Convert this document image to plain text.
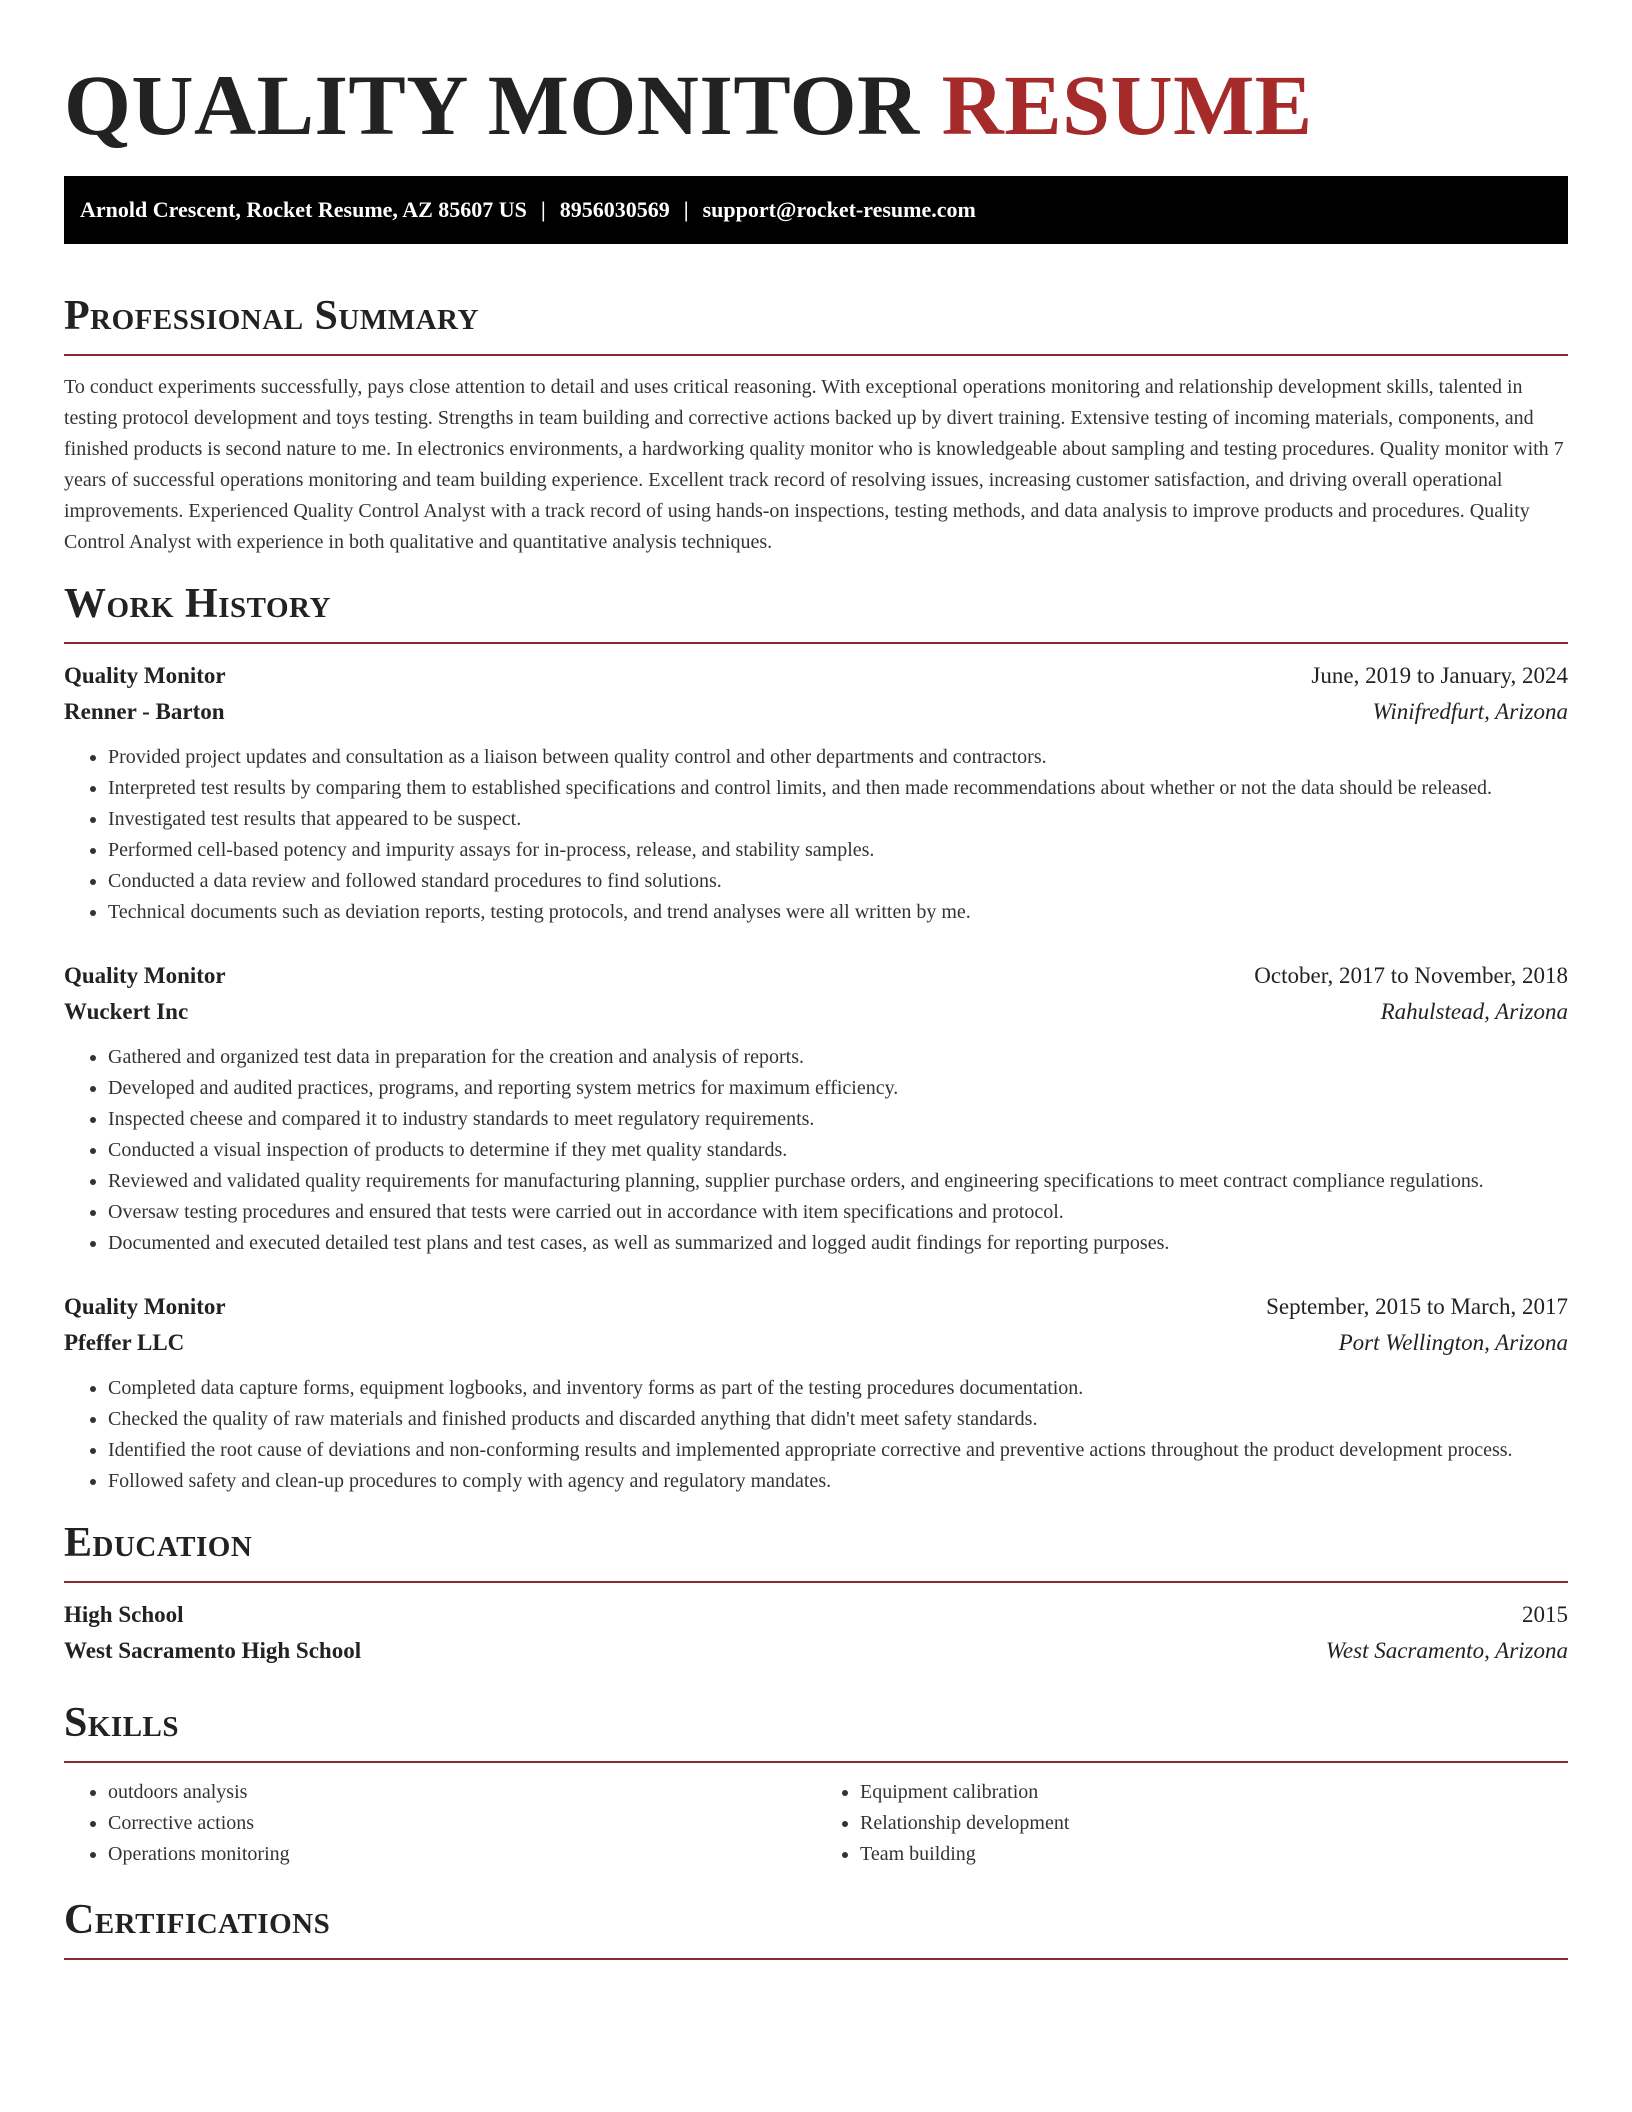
QUALITY MONITOR RESUME
Arnold Crescent, Rocket Resume, AZ 85607 US | 8956030569 | support@rocket-resume.com
Professional Summary

To conduct experiments successfully, pays close attention to detail and uses critical reasoning. With exceptional operations monitoring and relationship development skills, talented in testing protocol development and toys testing. Strengths in team building and corrective actions backed up by divert training. Extensive testing of incoming materials, components, and finished products is second nature to me. In electronics environments, a hardworking quality monitor who is knowledgeable about sampling and testing procedures. Quality monitor with 7 years of successful operations monitoring and team building experience. Excellent track record of resolving issues, increasing customer satisfaction, and driving overall operational improvements. Experienced Quality Control Analyst with a track record of using hands-on inspections, testing methods, and data analysis to improve products and procedures. Quality Control Analyst with experience in both qualitative and quantitative analysis techniques.

Work History
Quality Monitor	June, 2019 to January, 2024
Renner - Barton	Winifredfurt, Arizona
• Provided project updates and consultation as a liaison between quality control and other departments and contractors.
• Interpreted test results by comparing them to established specifications and control limits, and then made recommendations about whether or not the data should be released.
• Investigated test results that appeared to be suspect.
• Performed cell-based potency and impurity assays for in-process, release, and stability samples.
• Conducted a data review and followed standard procedures to find solutions.
• Technical documents such as deviation reports, testing protocols, and trend analyses were all written by me.
Quality Monitor	October, 2017 to November, 2018
Wuckert Inc	Rahulstead, Arizona
• Gathered and organized test data in preparation for the creation and analysis of reports.
• Developed and audited practices, programs, and reporting system metrics for maximum efficiency.
• Inspected cheese and compared it to industry standards to meet regulatory requirements.
• Conducted a visual inspection of products to determine if they met quality standards.
• Reviewed and validated quality requirements for manufacturing planning, supplier purchase orders, and engineering specifications to meet contract compliance regulations.
• Oversaw testing procedures and ensured that tests were carried out in accordance with item specifications and protocol.
• Documented and executed detailed test plans and test cases, as well as summarized and logged audit findings for reporting purposes.
Quality Monitor	September, 2015 to March, 2017
Pfeffer LLC	Port Wellington, Arizona
• Completed data capture forms, equipment logbooks, and inventory forms as part of the testing procedures documentation.
• Checked the quality of raw materials and finished products and discarded anything that didn't meet safety standards.
• Identified the root cause of deviations and non-conforming results and implemented appropriate corrective and preventive actions throughout the product development process.
• Followed safety and clean-up procedures to comply with agency and regulatory mandates.
Education
High School	2015
West Sacramento High School	West Sacramento, Arizona
Skills
• outdoors analysis
• Corrective actions
• Operations monitoring
• Equipment calibration
• Relationship development
• Team building
Certifications
